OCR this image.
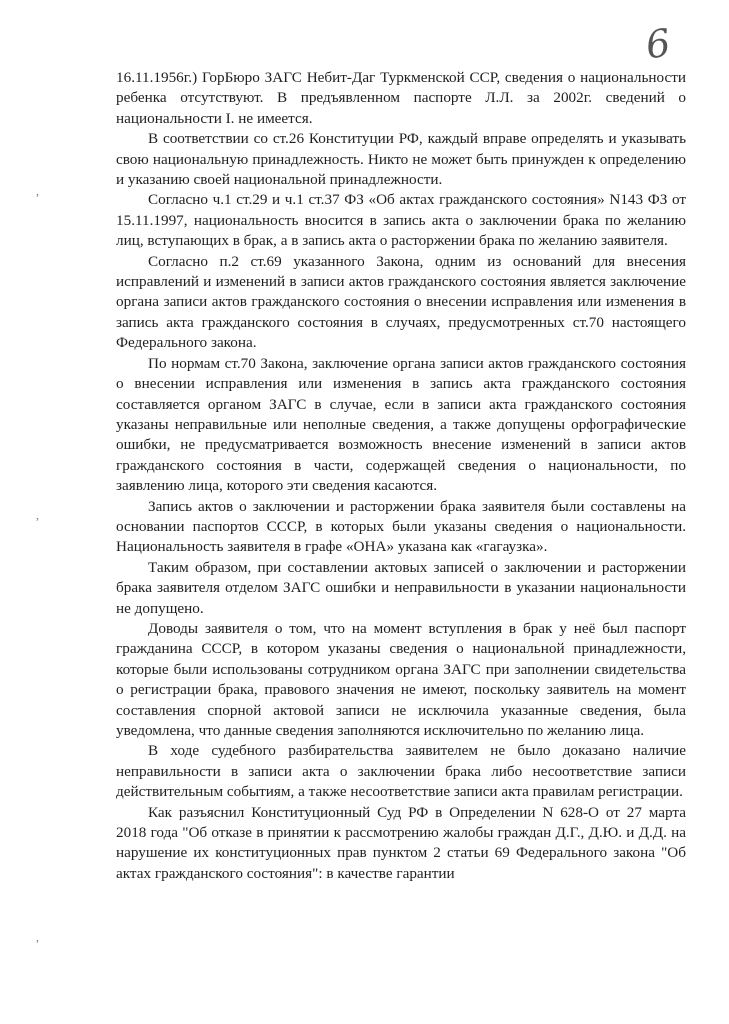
6
,
,
,

16.11.1956г.) ГорБюро ЗАГС Небит-Даг Туркменской ССР, сведения о национальности ребенка отсутствуют. В предъявленном паспорте Л.Л. за 2002г. сведений о национальности I. не имеется.

В соответствии со ст.26 Конституции РФ, каждый вправе определять и указывать свою национальную принадлежность. Никто не может быть принужден к определению и указанию своей национальной принадлежности.

Согласно ч.1 ст.29 и ч.1 ст.37 ФЗ «Об актах гражданского состояния» N143 ФЗ от 15.11.1997, национальность вносится в запись акта о заключении брака по желанию лиц, вступающих в брак, а в запись акта о расторжении брака по желанию заявителя.

Согласно п.2 ст.69 указанного Закона, одним из оснований для внесения исправлений и изменений в записи актов гражданского состояния является заключение органа записи актов гражданского состояния о внесении исправления или изменения в запись акта гражданского состояния в случаях, предусмотренных ст.70 настоящего Федерального закона.

По нормам ст.70 Закона, заключение органа записи актов гражданского состояния о внесении исправления или изменения в запись акта гражданского состояния составляется органом ЗАГС в случае, если в записи акта гражданского состояния указаны неправильные или неполные сведения, а также допущены орфографические ошибки, не предусматривается возможность внесение изменений в записи актов гражданского состояния в части, содержащей сведения о национальности, по заявлению лица, которого эти сведения касаются.

Запись актов о заключении и расторжении брака заявителя были составлены на основании паспортов СССР, в которых были указаны сведения о национальности. Национальность заявителя в графе «ОНА» указана как «гагаузка».

Таким образом, при составлении актовых записей о заключении и расторжении брака заявителя отделом ЗАГС ошибки и неправильности в указании национальности не допущено.

Доводы заявителя о том, что на момент вступления в брак у неё был паспорт гражданина СССР, в котором указаны сведения о национальной принадлежности, которые были использованы сотрудником органа ЗАГС при заполнении свидетельства о регистрации брака, правового значения не имеют, поскольку заявитель на момент составления спорной актовой записи не исключила указанные сведения, была уведомлена, что данные сведения заполняются исключительно по желанию лица.

В ходе судебного разбирательства заявителем не было доказано наличие неправильности в записи акта о заключении брака либо несоответствие записи действительным событиям, а также несоответствие записи акта правилам регистрации.

Как разъяснил Конституционный Суд РФ в Определении N 628-О от 27 марта 2018 года "Об отказе в принятии к рассмотрению жалобы граждан Д.Г., Д.Ю. и Д.Д. на нарушение их конституционных прав пунктом 2 статьи 69 Федерального закона "Об актах гражданского состояния": в качестве гарантии
